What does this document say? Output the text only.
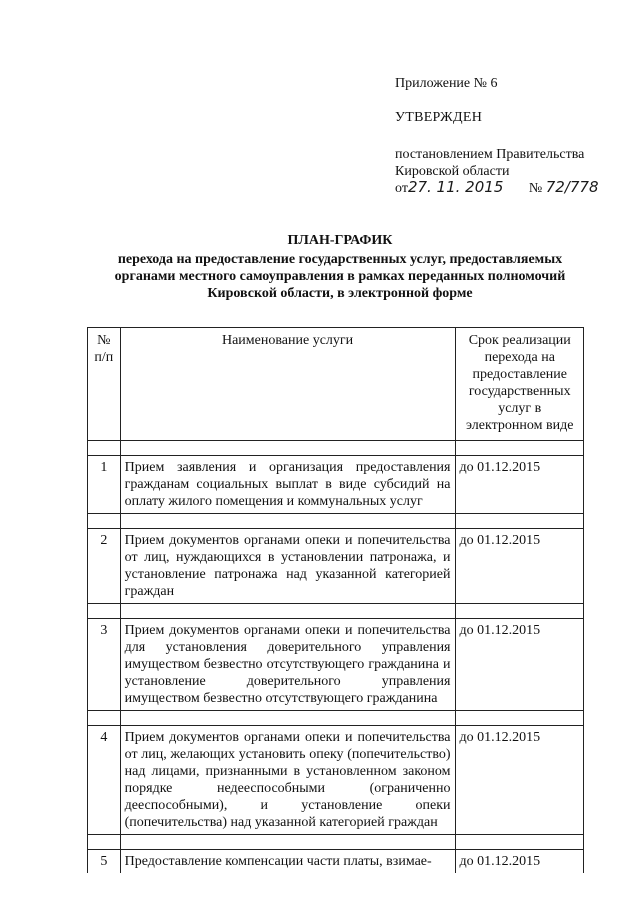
Приложение № 6
УТВЕРЖДЕН
постановлением Правительства
Кировской области
от27. 11. 2015 № 72/778
ПЛАН-ГРАФИК
перехода на предоставление государственных услуг, предоставляемых
органами местного самоуправления в рамках переданных полномочий
Кировской области, в электронной форме
№ п/п	Наименование услуги	Срок реализации перехода на предоставление государственных услуг в электронном виде

1	Прием заявления и организация предоставления гражданам социальных выплат в виде субсидий на оплату жилого помещения и коммунальных услуг	до 01.12.2015

2	Прием документов органами опеки и попечительства от лиц, нуждающихся в установлении патронажа, и установление патронажа над указанной категорией граждан	до 01.12.2015

3	Прием документов органами опеки и попечительства для установления доверительного управления имуществом безвестно отсутствующего гражданина и установление доверительного управления имуществом безвестно отсутствующего гражданина	до 01.12.2015

4	Прием документов органами опеки и попечительства от лиц, желающих установить опеку (попечительство) над лицами, признанными в установленном законом порядке недееспособными (ограниченно дееспособными), и установление опеки (попечительства) над указанной категорией граждан	до 01.12.2015

5	Предоставление компенсации части платы, взимае-	до 01.12.2015
